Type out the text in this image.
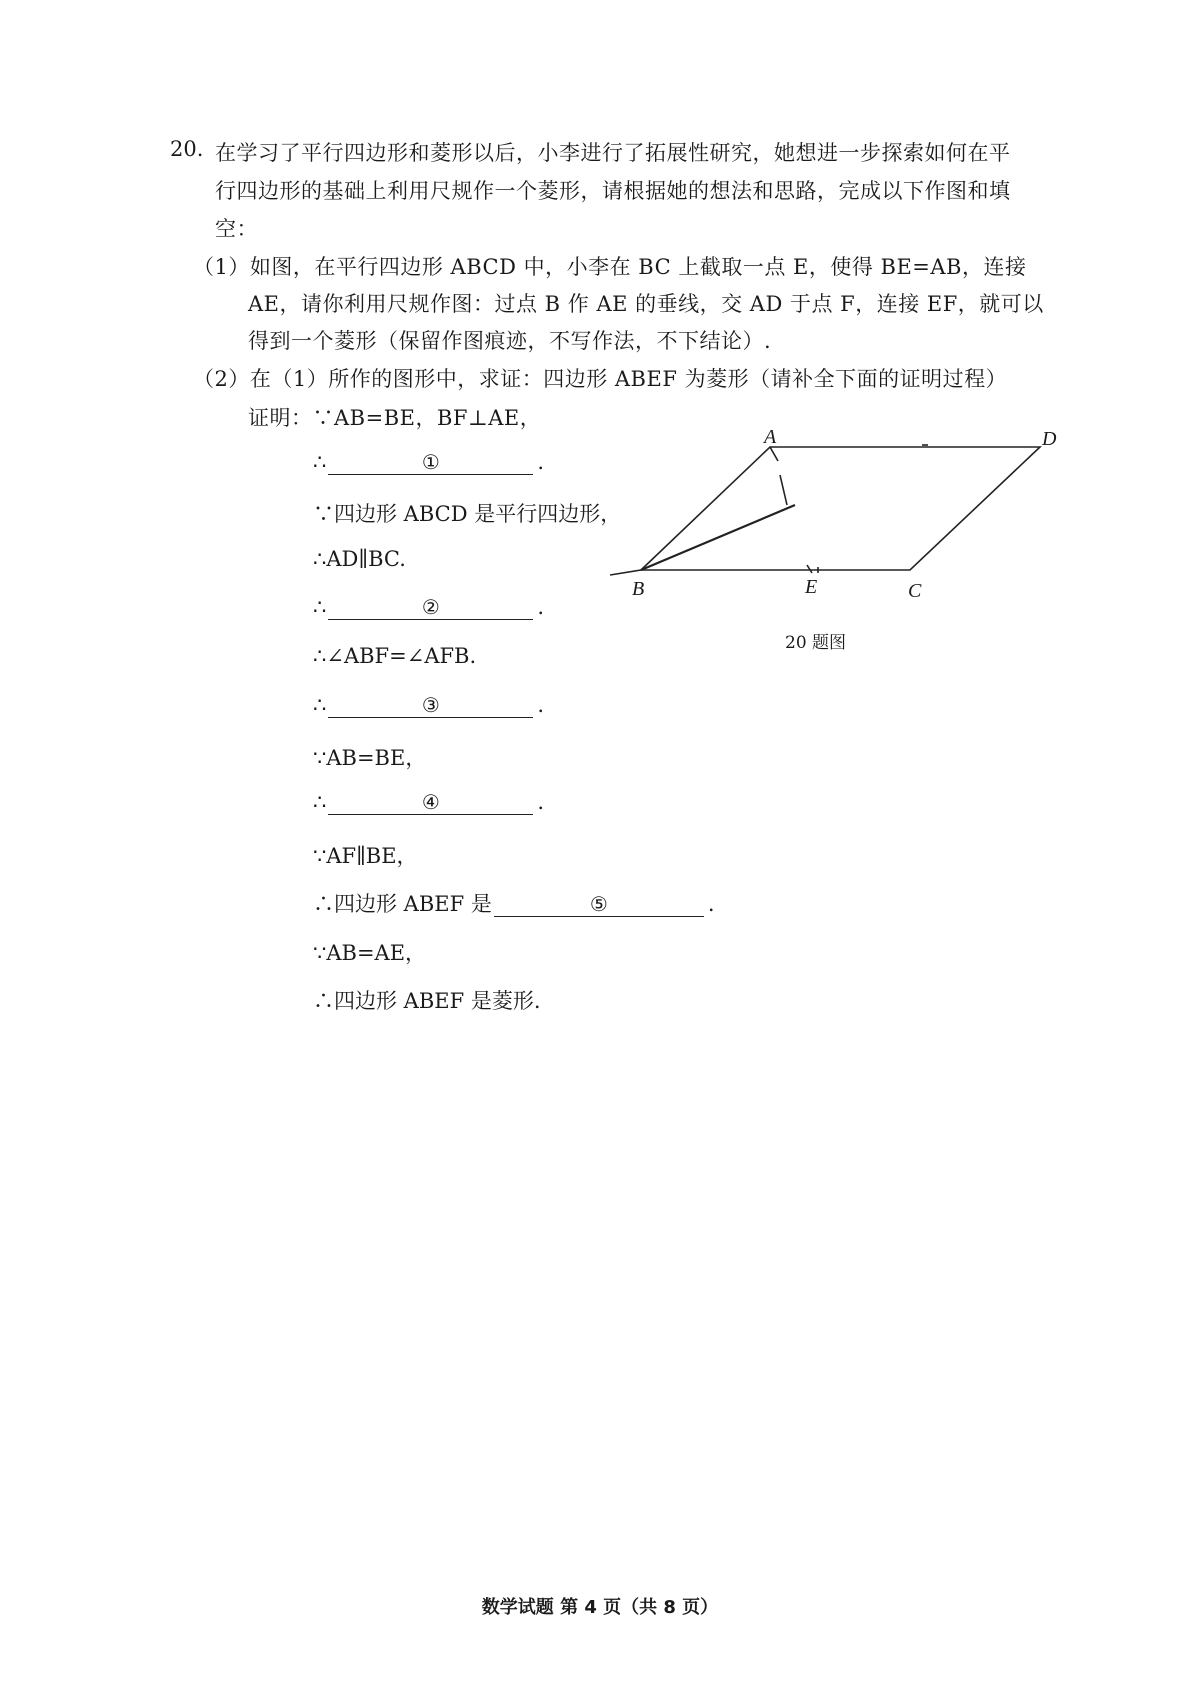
20. 在学习了平行四边形和菱形以后，小李进行了拓展性研究，她想进一步探索如何在平
行四边形的基础上利用尺规作一个菱形，请根据她的想法和思路，完成以下作图和填
空：
（1）如图，在平行四边形 ABCD 中，小李在 BC 上截取一点 E，使得 BE=AB，连接
AE，请你利用尺规作图：过点 B 作 AE 的垂线，交 AD 于点 F，连接 EF，就可以
得到一个菱形（保留作图痕迹，不写作法，不下结论）.
（2）在（1）所作的图形中，求证：四边形 ABEF 为菱形（请补全下面的证明过程）
证明：∵AB=BE，BF⊥AE，
∴	①	.
∵四边形 ABCD 是平行四边形，
∴AD∥BC.
∴	②	.
∴∠ABF=∠AFB.
∴	③	.
∵AB=BE，
∴	④	.
∵AF∥BE，
∴四边形 ABEF 是	⑤	.
∵AB=AE，
∴四边形 ABEF 是菱形.
A	D
B	E	C
20 题图
数学试题 第 4 页（共 8 页）
